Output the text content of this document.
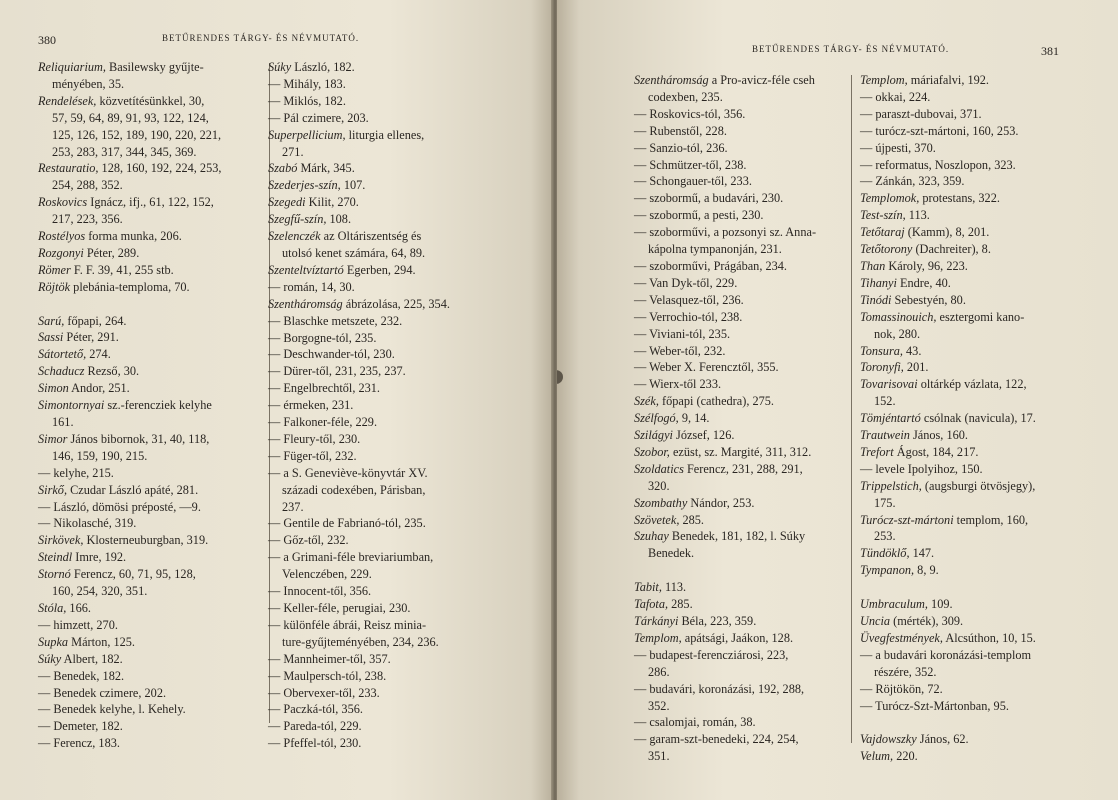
380	BETŰRENDES TÁRGY- ÉS NÉVMUTATÓ.
Reliquiarium, Basilewsky gyűjte-
ményében, 35.
Rendelések, közvetítésünkkel, 30,
57, 59, 64, 89, 91, 93, 122, 124,
125, 126, 152, 189, 190, 220, 221,
253, 283, 317, 344, 345, 369.
Restauratio, 128, 160, 192, 224, 253,
254, 288, 352.
Roskovics Ignácz, ifj., 61, 122, 152,
217, 223, 356.
Rostélyos forma munka, 206.
Rozgonyi Péter, 289.
Römer F. F. 39, 41, 255 stb.
Röjtök plebánia-temploma, 70.
Sarú, főpapi, 264.
Sassi Péter, 291.
Sátortető, 274.
Schaducz Rezső, 30.
Simon Andor, 251.
Simontornyai sz.-ferencziek kelyhe
161.
Simor János bibornok, 31, 40, 118,
146, 159, 190, 215.
— kelyhe, 215.
Sirkő, Czudar László apáté, 281.
— László, dömösi préposté, —9.
— Nikolasché, 319.
Sirkövek, Klosterneuburgban, 319.
Steindl Imre, 192.
Stornó Ferencz, 60, 71, 95, 128,
160, 254, 320, 351.
Stóla, 166.
— himzett, 270.
Supka Márton, 125.
Súky Albert, 182.
— Benedek, 182.
— Benedek czimere, 202.
— Benedek kelyhe, l. Kehely.
— Demeter, 182.
— Ferencz, 183.
Súky László, 182.
— Mihály, 183.
— Miklós, 182.
— Pál czimere, 203.
Superpellicium, liturgia ellenes,
271.
Szabó Márk, 345.
Szederjes-szín, 107.
Szegedi Kilit, 270.
Szegfű-szín, 108.
Szelenczék az Oltáriszentség és
utolsó kenet számára, 64, 89.
Szenteltvíztartó Egerben, 294.
— román, 14, 30.
Szentháromság ábrázolása, 225, 354.
— Blaschke metszete, 232.
— Borgogne-tól, 235.
— Deschwander-tól, 230.
— Dürer-től, 231, 235, 237.
— Engelbrechtől, 231.
— érmeken, 231.
— Falkoner-féle, 229.
— Fleury-től, 230.
— Füger-től, 232.
— a S. Geneviève-könyvtár XV.
századi codexében, Párisban,
237.
— Gentile de Fabrianó-tól, 235.
— Gőz-től, 232.
— a Grimani-féle breviariumban,
Velenczében, 229.
— Innocent-től, 356.
— Keller-féle, perugiai, 230.
— különféle ábrái, Reisz minia-
ture-gyűjteményében, 234, 236.
— Mannheimer-től, 357.
— Maulpersch-tól, 238.
— Obervexer-től, 233.
— Paczká-tól, 356.
— Pareda-tól, 229.
— Pfeffel-tól, 230.
BETŰRENDES TÁRGY- ÉS NÉVMUTATÓ.	381
Szentháromság a Pro-avicz-féle cseh
codexben, 235.
— Roskovics-tól, 356.
— Rubenstől, 228.
— Sanzio-tól, 236.
— Schmützer-től, 238.
— Schongauer-től, 233.
— szobormű, a budavári, 230.
— szobormű, a pesti, 230.
— szoborművi, a pozsonyi sz. Anna-
kápolna tympanonján, 231.
— szoborművi, Prágában, 234.
— Van Dyk-től, 229.
— Velasquez-től, 236.
— Verrochio-tól, 238.
— Viviani-tól, 235.
— Weber-től, 232.
— Weber X. Ferencztől, 355.
— Wierx-től 233.
Szék, főpapi (cathedra), 275.
Szélfogó, 9, 14.
Szilágyi József, 126.
Szobor, ezüst, sz. Margité, 311, 312.
Szoldatics Ferencz, 231, 288, 291,
320.
Szombathy Nándor, 253.
Szövetek, 285.
Szuhay Benedek, 181, 182, l. Súky
Benedek.
Tabit, 113.
Tafota, 285.
Tárkányi Béla, 223, 359.
Templom, apátsági, Jaákon, 128.
— budapest-ferencziárosi, 223,
286.
— budavári, koronázási, 192, 288,
352.
— csalomjai, román, 38.
— garam-szt-benedeki, 224, 254,
351.
Templom, máriafalvi, 192.
— okkai, 224.
— paraszt-dubovai, 371.
— turócz-szt-mártoni, 160, 253.
— újpesti, 370.
— reformatus, Noszlopon, 323.
— Zánkán, 323, 359.
Templomok, protestans, 322.
Test-szín, 113.
Tetőtaraj (Kamm), 8, 201.
Tetőtorony (Dachreiter), 8.
Than Károly, 96, 223.
Tihanyi Endre, 40.
Tinódi Sebestyén, 80.
Tomassinouich, esztergomi kano-
nok, 280.
Tonsura, 43.
Toronyfi, 201.
Tovarisovai oltárkép vázlata, 122,
152.
Tömjéntartó csólnak (navicula), 17.
Trautwein János, 160.
Trefort Ágost, 184, 217.
— levele Ipolyihoz, 150.
Trippelstich, (augsburgi ötvösjegy),
175.
Turócz-szt-mártoni templom, 160,
253.
Tündöklő, 147.
Tympanon, 8, 9.
Umbraculum, 109.
Uncia (mérték), 309.
Üvegfestmények, Alcsúthon, 10, 15.
— a budavári koronázási-templom
részére, 352.
— Röjtökön, 72.
— Turócz-Szt-Mártonban, 95.
Vajdowszky János, 62.
Velum, 220.
